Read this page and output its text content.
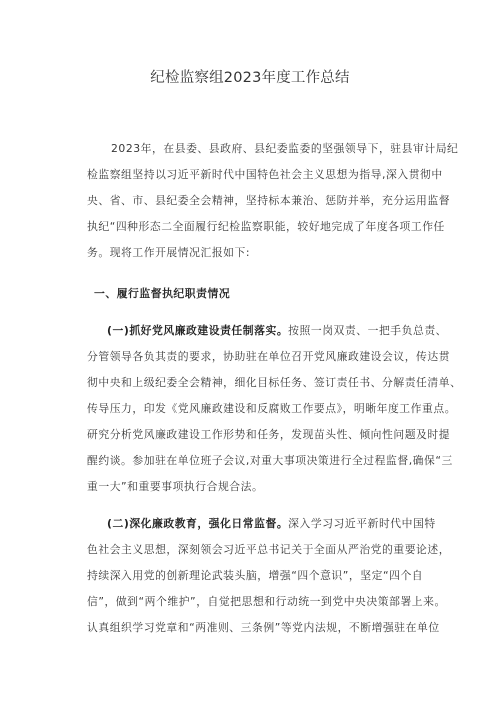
纪检监察组2023年度工作总结
2023年，在县委、县政府、县纪委监委的坚强领导下，驻县审计局纪
检监察组坚持以习近平新时代中国特色社会主义思想为指导,深入贯彻中
央、省、市、县纪委全会精神，坚持标本兼治、惩防并举，充分运用监督
执纪“四种形态二全面履行纪检监察职能，较好地完成了年度各项工作任
务。现将工作开展情况汇报如下:
一、履行监督执纪职责情况
(一)抓好党风廉政建设责任制落实。按照一岗双责、一把手负总责、
分管领导各负其责的要求，协助驻在单位召开党风廉政建设会议，传达贯
彻中央和上级纪委全会精神，细化目标任务、签订责任书、分解责任清单、
传导压力，印发《党风廉政建设和反腐败工作要点》，明晰年度工作重点。
研究分析党风廉政建设工作形势和任务，发现苗头性、倾向性问题及时提
醒约谈。参加驻在单位班子会议,对重大事项决策进行全过程监督,确保“三
重一大”和重要事项执行合规合法。
(二)深化廉政教育，强化日常监督。深入学习习近平新时代中国特
色社会主义思想，深刻领会习近平总书记关于全面从严治党的重要论述，
持续深入用党的创新理论武装头脑，增强“四个意识”，坚定“四个自
信”，做到“两个维护”，自觉把思想和行动统一到党中央决策部署上来。
认真组织学习党章和“两准则、三条例”等党内法规，不断增强驻在单位
